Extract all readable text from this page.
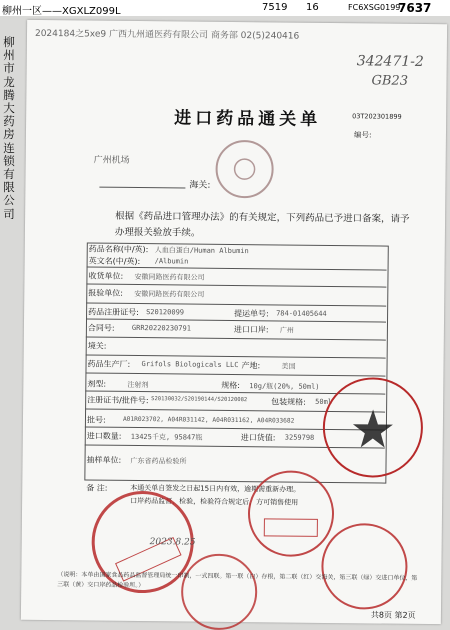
柳州市龙腾大药房连锁有限公司
柳州一区——XGXLZ099L	7519 16	FC6XSG0199
7637
2024184之5xe9 广西九州通医药有限公司 商务部 02(5)240416
342471-2
GB23
进口药品通关单	03T202301899
编号:
广州机场
海关:
根据《药品进口管理办法》的有关规定，下列药品已予进口备案，请予办理报关验放手续。
药品名称(中/英): 人血白蛋白/Human Albumin
英文名(中/英): /Albumin
收货单位: 安徽同路医药有限公司
报验单位: 安徽同路医药有限公司
药品注册证号: S20120099	提运单号: 784-01405644
合同号: GRR20220230791	进口口岸: 广州
境关:
药品生产厂: Grifols Biologicals LLC 产地:	美国
剂型:	注射剂	规格: 10g/瓶(20%, 50ml)
注册证书/批件号: S20130032/S20190144/S20120082	包装规格: 50ml
批号:	A01R023702, A04R031142, A04R031162, A04R033682
进口数量: 13425千克, 95847瓶	进口货值: 3259798
抽样单位: 广东省药品检验所
备 注:	本通关单自签发之日起15日内有效，逾期需重新办理。
口岸药品监督，检验，检验符合规定后，方可销售使用
2023.8.25
（说明：本单由国家食品药品监督管理局统一印制，一式四联。第一联（白）存根，第二联（红）交海关，第三联（绿）交进口单位，第三联（黄）交口岸药品检验所。）
共8页 第2页
